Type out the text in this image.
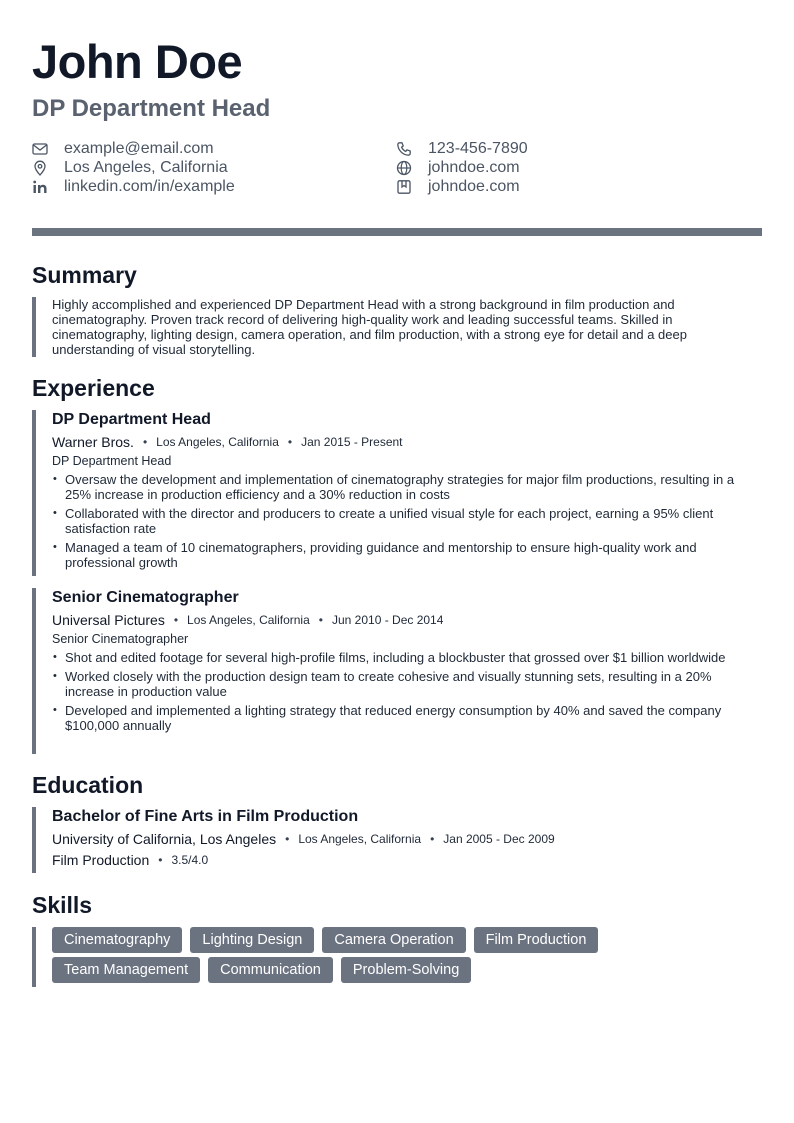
John Doe
DP Department Head
example@email.com
Los Angeles, California
linkedin.com/in/example
123-456-7890
johndoe.com
johndoe.com
Summary

Highly accomplished and experienced DP Department Head with a strong background in film production and cinematography. Proven track record of delivering high-quality work and leading successful teams. Skilled in cinematography, lighting design, camera operation, and film production, with a strong eye for detail and a deep understanding of visual storytelling.

Experience
DP Department Head
Warner Bros. • Los Angeles, California • Jan 2015 - Present
DP Department Head
• Oversaw the development and implementation of cinematography strategies for major film productions, resulting in a 25% increase in production efficiency and a 30% reduction in costs
• Collaborated with the director and producers to create a unified visual style for each project, earning a 95% client satisfaction rate
• Managed a team of 10 cinematographers, providing guidance and mentorship to ensure high-quality work and professional growth
Senior Cinematographer
Universal Pictures • Los Angeles, California • Jun 2010 - Dec 2014
Senior Cinematographer
• Shot and edited footage for several high-profile films, including a blockbuster that grossed over $1 billion worldwide
• Worked closely with the production design team to create cohesive and visually stunning sets, resulting in a 20% increase in production value
• Developed and implemented a lighting strategy that reduced energy consumption by 40% and saved the company $100,000 annually
Education
Bachelor of Fine Arts in Film Production
University of California, Los Angeles • Los Angeles, California • Jan 2005 - Dec 2009
Film Production • 3.5/4.0
Skills
Cinematography	Lighting Design	Camera Operation	Film Production
Team Management	Communication	Problem-Solving
